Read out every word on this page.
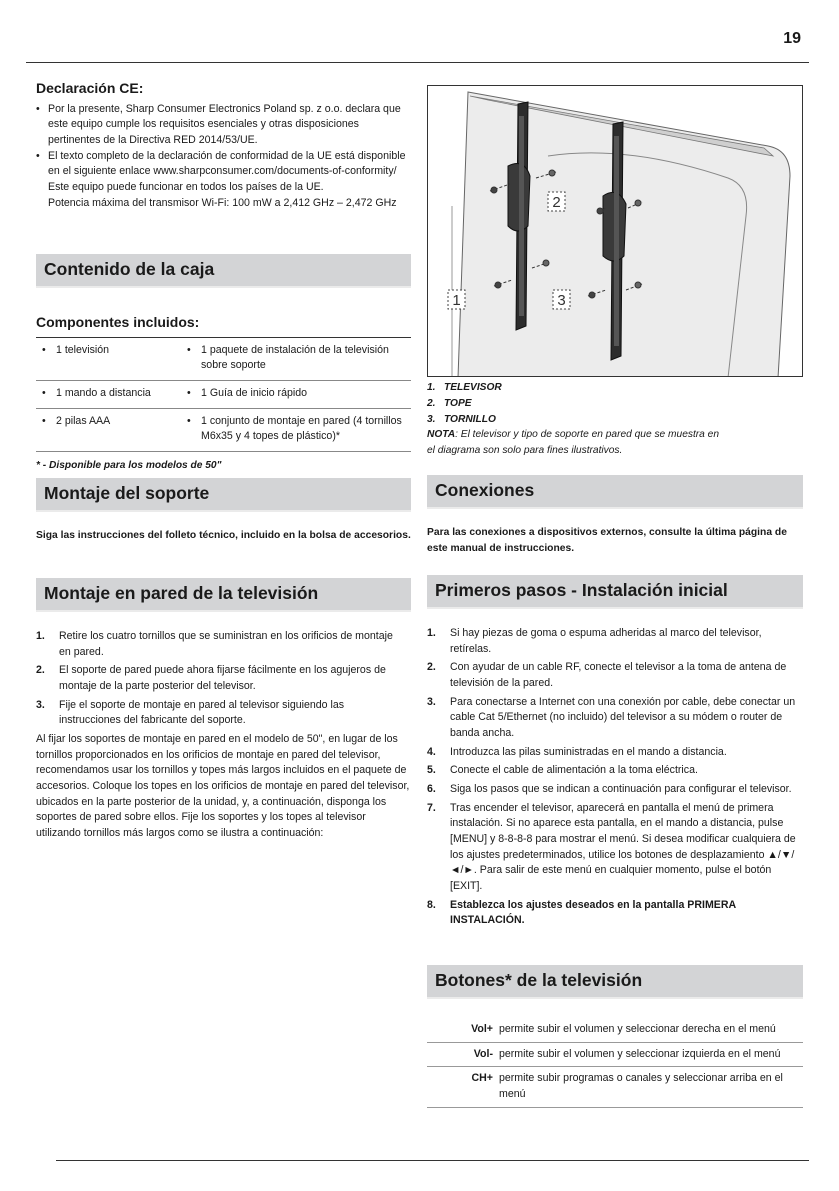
19
Declaración CE:
• Por la presente, Sharp Consumer Electronics Poland sp. z o.o. declara que este equipo cumple los requisitos esenciales y otras disposiciones pertinentes de la Directiva RED 2014/53/UE.
• El texto completo de la declaración de conformidad de la UE está disponible en el siguiente enlace www.sharpconsumer.com/documents-of-conformity/
Este equipo puede funcionar en todos los países de la UE.
Potencia máxima del transmisor Wi-Fi: 100 mW a 2,412 GHz – 2,472 GHz
Contenido de la caja
Componentes incluidos:
• 1 televisión	• 1 paquete de instalación de la televisión sobre soporte

• 1 mando a distancia	• 1 Guía de inicio rápido

• 2 pilas AAA	• 1 conjunto de montaje en pared (4 tornillos M6x35 y 4 topes de plástico)*
* - Disponible para los modelos de 50"
Montaje del soporte

Siga las instrucciones del folleto técnico, incluido en la bolsa de accesorios.

Montaje en pared de la televisión
1. Retire los cuatro tornillos que se suministran en los orificios de montaje en pared.
2. El soporte de pared puede ahora fijarse fácilmente en los agujeros de montaje de la parte posterior del televisor.
3. Fije el soporte de montaje en pared al televisor siguiendo las instrucciones del fabricante del soporte.

Al fijar los soportes de montaje en pared en el modelo de 50", en lugar de los tornillos proporcionados en los orificios de montaje en pared del televisor, recomendamos usar los tornillos y topes más largos incluidos en el paquete de accesorios. Coloque los topes en los orificios de montaje en pared del televisor, ubicados en la parte posterior de la unidad, y, a continuación, disponga los soportes de pared sobre ellos. Fije los soportes y los topes al televisor utilizando tornillos más largos como se ilustra a continuación:

1
2
3
1. TELEVISOR
2. TOPE
3. TORNILLO
NOTA: El televisor y tipo de soporte en pared que se muestra en el diagrama son solo para fines ilustrativos.
Conexiones

Para las conexiones a dispositivos externos, consulte la última página de este manual de instrucciones.

Primeros pasos - Instalación inicial
1. Si hay piezas de goma o espuma adheridas al marco del televisor, retírelas.
2. Con ayudar de un cable RF, conecte el televisor a la toma de antena de televisión de la pared.
3. Para conectarse a Internet con una conexión por cable, debe conectar un cable Cat 5/Ethernet (no incluido) del televisor a su módem o router de banda ancha.
4. Introduzca las pilas suministradas en el mando a distancia.
5. Conecte el cable de alimentación a la toma eléctrica.
6. Siga los pasos que se indican a continuación para configurar el televisor.
7. Tras encender el televisor, aparecerá en pantalla el menú de primera instalación. Si no aparece esta pantalla, en el mando a distancia, pulse [MENU] y 8-8-8-8 para mostrar el menú. Si desea modificar cualquiera de los ajustes predeterminados, utilice los botones de desplazamiento ▲/▼/◄/►. Para salir de este menú en cualquier momento, pulse el botón [EXIT].
8. Establezca los ajustes deseados en la pantalla PRIMERA INSTALACIÓN.
Botones* de la televisión
Vol+	permite subir el volumen y seleccionar derecha en el menú
Vol-	permite subir el volumen y seleccionar izquierda en el menú
CH+	permite subir programas o canales y seleccionar arriba en el menú
